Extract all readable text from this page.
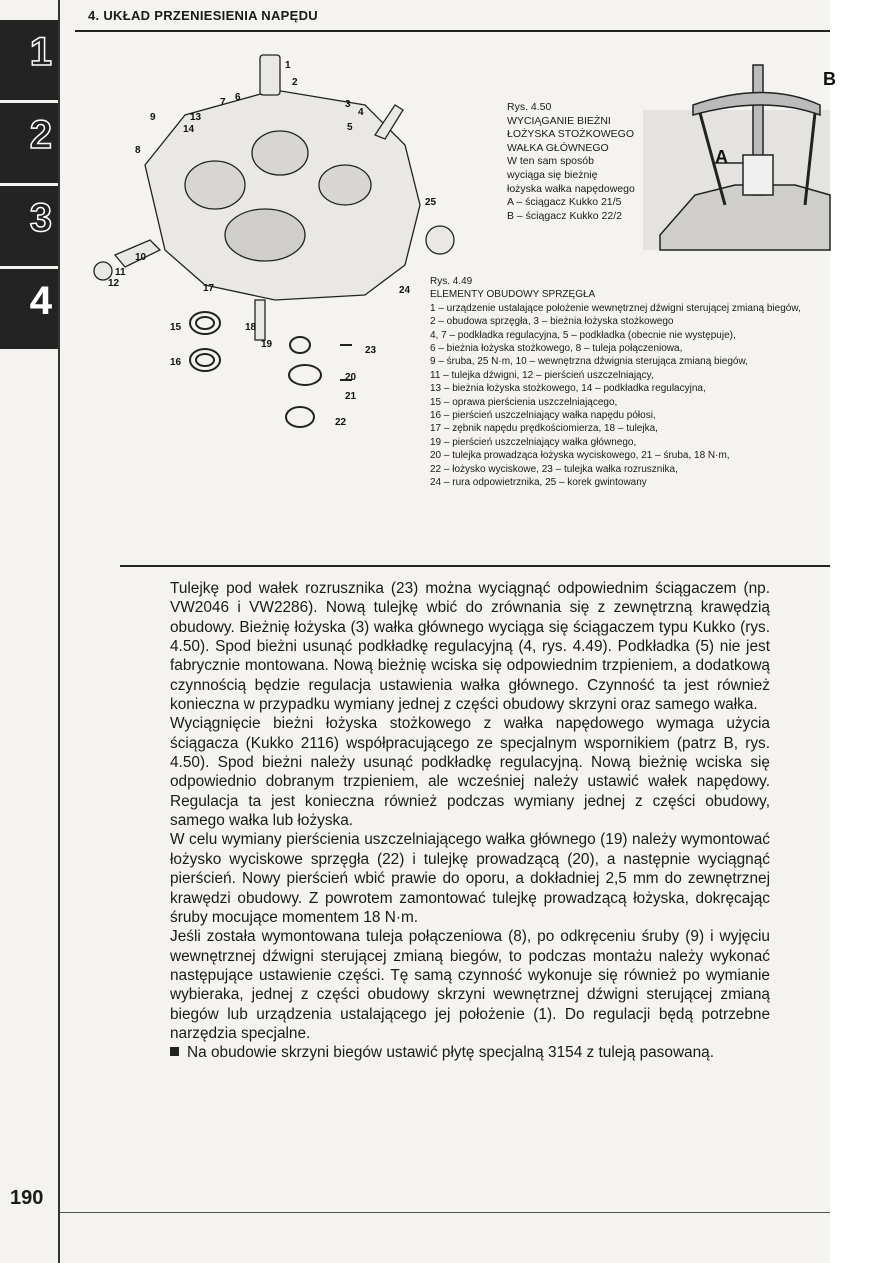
4. UKŁAD PRZENIESIENIA NAPĘDU
1
2
3
4
1
2
3
4
5
6
7
8
9
10
11
12
13
14
15
16
17
18
19
20
21
22
23
24
25
A
B
Rys. 4.50
WYCIĄGANIE BIEŻNI
ŁOŻYSKA STOŻKOWEGO
WAŁKA GŁÓWNEGO
W ten sam sposób
wyciąga się bieżnię
łożyska wałka napędowego
A – ściągacz Kukko 21/5
B – ściągacz Kukko 22/2
Rys. 4.49
ELEMENTY OBUDOWY SPRZĘGŁA
1 – urządzenie ustalające położenie wewnętrznej dźwigni sterującej zmianą biegów,
2 – obudowa sprzęgła, 3 – bieżnia łożyska stożkowego
4, 7 – podkładka regulacyjna, 5 – podkładka (obecnie nie występuje),
6 – bieżnia łożyska stożkowego, 8 – tuleja połączeniowa,
9 – śruba, 25 N·m, 10 – wewnętrzna dźwignia sterująca zmianą biegów,
11 – tulejka dźwigni, 12 – pierścień uszczelniający,
13 – bieżnia łożyska stożkowego, 14 – podkładka regulacyjna,
15 – oprawa pierścienia uszczelniającego,
16 – pierścień uszczelniający wałka napędu półosi,
17 – zębnik napędu prędkościomierza, 18 – tulejka,
19 – pierścień uszczelniający wałka głównego,
20 – tulejka prowadząca łożyska wyciskowego, 21 – śruba, 18 N·m,
22 – łożysko wyciskowe, 23 – tulejka wałka rozrusznika,
24 – rura odpowietrznika, 25 – korek gwintowany

Tulejkę pod wałek rozrusznika (23) można wyciągnąć odpowiednim ściągaczem (np. VW2046 i VW2286). Nową tulejkę wbić do zrównania się z zewnętrzną krawędzią obudowy. Bieżnię łożyska (3) wałka głównego wyciąga się ściągaczem typu Kukko (rys. 4.50). Spod bieżni usunąć podkładkę regulacyjną (4, rys. 4.49). Podkładka (5) nie jest fabrycznie montowana. Nową bieżnię wciska się odpowiednim trzpieniem, a dodatkową czynnością będzie regulacja ustawienia wałka głównego. Czynność ta jest również konieczna w przypadku wymiany jednej z części obudowy skrzyni oraz samego wałka.

Wyciągnięcie bieżni łożyska stożkowego z wałka napędowego wymaga użycia ściągacza (Kukko 2116) współpracującego ze specjalnym wspornikiem (patrz B, rys. 4.50). Spod bieżni należy usunąć podkładkę regulacyjną. Nową bieżnię wciska się odpowiednio dobranym trzpieniem, ale wcześniej należy ustawić wałek napędowy. Regulacja ta jest konieczna również podczas wymiany jednej z części obudowy, samego wałka lub łożyska.

W celu wymiany pierścienia uszczelniającego wałka głównego (19) należy wymontować łożysko wyciskowe sprzęgła (22) i tulejkę prowadzącą (20), a następnie wyciągnąć pierścień. Nowy pierścień wbić prawie do oporu, a dokładniej 2,5 mm do zewnętrznej krawędzi obudowy. Z powrotem zamontować tulejkę prowadzącą łożyska, dokręcając śruby mocujące momentem 18 N·m.

Jeśli została wymontowana tuleja połączeniowa (8), po odkręceniu śruby (9) i wyjęciu wewnętrznej dźwigni sterującej zmianą biegów, to podczas montażu należy wykonać następujące ustawienie części. Tę samą czynność wykonuje się również po wymianie wybieraka, jednej z części obudowy skrzyni wewnętrznej dźwigni sterującej zmianą biegów lub urządzenia ustalającego jej położenie (1). Do regulacji będą potrzebne narzędzia specjalne.

Na obudowie skrzyni biegów ustawić płytę specjalną 3154 z tuleją pasowaną.

190
